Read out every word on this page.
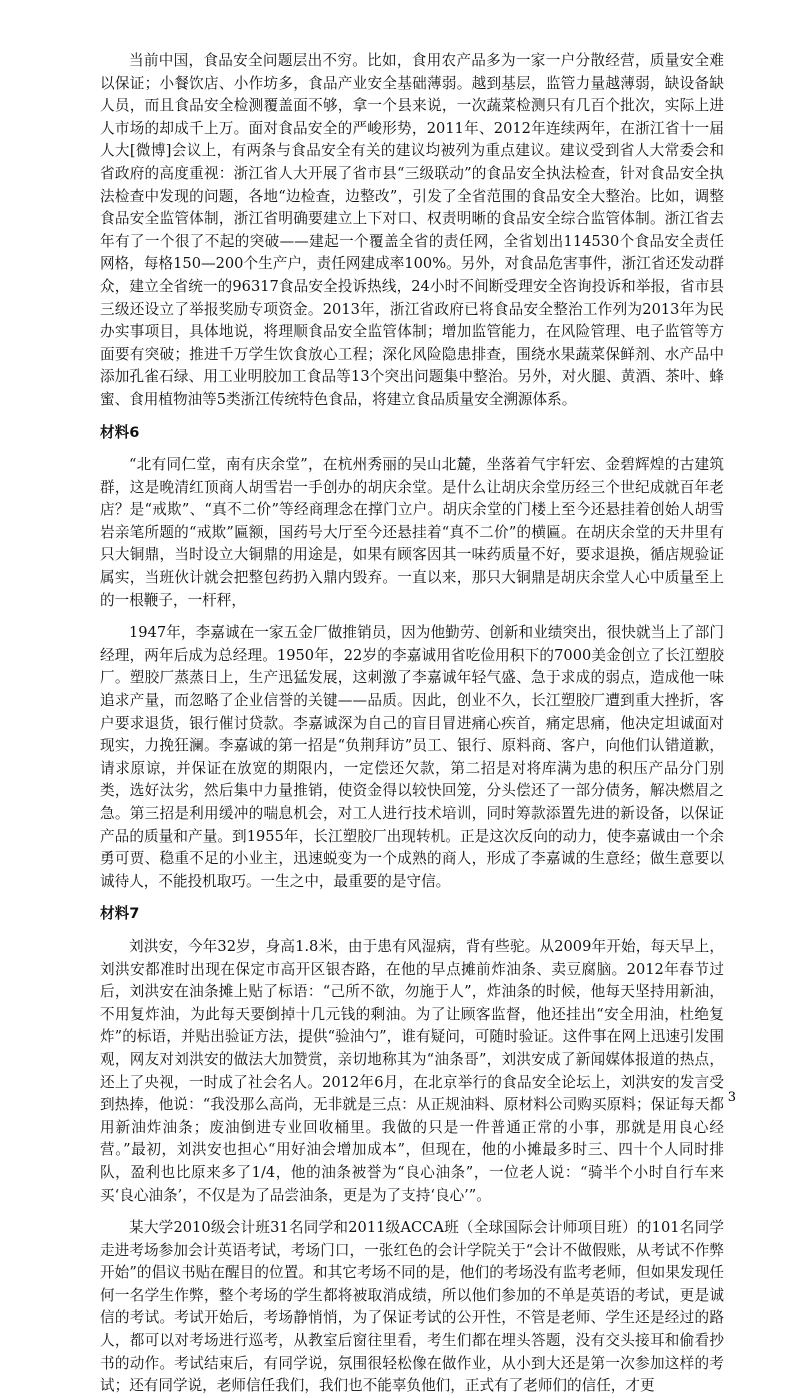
当前中国，食品安全问题层出不穷。比如，食用农产品多为一家一户分散经营，质量安全难以保证；小餐饮店、小作坊多，食品产业安全基础薄弱。越到基层，监管力量越薄弱，缺设备缺人员，而且食品安全检测覆盖面不够，拿一个县来说，一次蔬菜检测只有几百个批次，实际上进人市场的却成千上万。面对食品安全的严峻形势，2011年、2012年连续两年，在浙江省十一届人大[微博]会议上，有两条与食品安全有关的建议均被列为重点建议。建议受到省人大常委会和省政府的高度重视：浙江省人大开展了省市县“三级联动”的食品安全执法检查，针对食品安全执法检查中发现的问题，各地“边检查，边整改”，引发了全省范围的食品安全大整治。比如，调整食品安全监管体制，浙江省明确要建立上下对口、权责明晰的食品安全综合监管体制。浙江省去年有了一个很了不起的突破——建起一个覆盖全省的责任网，全省划出114530个食品安全责任网格，每格150—200个生产户，责任网建成率100%。另外，对食品危害事件，浙江省还发动群众，建立全省统一的96317食品安全投诉热线，24小时不间断受理安全咨询投诉和举报，省市县三级还设立了举报奖励专项资金。2013年，浙江省政府已将食品安全整治工作列为2013年为民办实事项目，具体地说，将理顺食品安全监管体制；增加监管能力，在风险管理、电子监管等方面要有突破；推进千万学生饮食放心工程；深化风险隐患排查，围绕水果蔬菜保鲜剂、水产品中添加孔雀石绿、用工业明胶加工食品等13个突出问题集中整治。另外，对火腿、黄酒、茶叶、蜂蜜、食用植物油等5类浙江传统特色食品，将建立食品质量安全溯源体系。

材料6

“北有同仁堂，南有庆余堂”，在杭州秀丽的吴山北麓，坐落着气宇轩宏、金碧辉煌的古建筑群，这是晚清红顶商人胡雪岩一手创办的胡庆余堂。是什么让胡庆余堂历经三个世纪成就百年老店？是“戒欺”、“真不二价”等经商理念在撑门立户。胡庆余堂的门楼上至今还悬挂着创始人胡雪岩亲笔所题的“戒欺”匾额，国药号大厅至今还悬挂着“真不二价”的横匾。在胡庆余堂的天井里有只大铜鼎，当时设立大铜鼎的用途是，如果有顾客因其一味药质量不好，要求退换，循店规验证属实，当班伙计就会把整包药扔入鼎内毁弃。一直以来，那只大铜鼎是胡庆余堂人心中质量至上的一根鞭子，一杆秤，

1947年，李嘉诚在一家五金厂做推销员，因为他勤劳、创新和业绩突出，很快就当上了部门经理，两年后成为总经理。1950年，22岁的李嘉诚用省吃俭用积下的7000美金创立了长江塑胶厂。塑胶厂蒸蒸日上，生产迅猛发展，这刺激了李嘉诚年轻气盛、急于求成的弱点，造成他一味追求产量，而忽略了企业信誉的关键——品质。因此，创业不久，长江塑胶厂遭到重大挫折，客户要求退货，银行催讨贷款。李嘉诚深为自己的盲目冒进痛心疾首，痛定思痛，他决定坦诚面对现实，力挽狂澜。李嘉诚的第一招是“负荆拜访”员工、银行、原料商、客户，向他们认错道歉，请求原谅，并保证在放宽的期限内，一定偿还欠款，第二招是对将库满为患的积压产品分门别类，选好汰劣，然后集中力量推销，使资金得以较快回笼，分头偿还了一部分债务，解决燃眉之急。第三招是利用缓冲的喘息机会，对工人进行技术培训，同时筹款添置先进的新设备，以保证产品的质量和产量。到1955年，长江塑胶厂出现转机。正是这次反向的动力，使李嘉诚由一个余勇可贾、稳重不足的小业主，迅速蜕变为一个成熟的商人，形成了李嘉诚的生意经；做生意要以诚待人，不能投机取巧。一生之中，最重要的是守信。

材料7

刘洪安，今年32岁，身高1.8米，由于患有风湿病，背有些驼。从2009年开始，每天早上，刘洪安都准时出现在保定市高开区银杏路，在他的早点摊前炸油条、卖豆腐脑。2012年春节过后，刘洪安在油条摊上贴了标语：“己所不欲，勿施于人”，炸油条的时候，他每天坚持用新油，不用复炸油，为此每天要倒掉十几元钱的剩油。为了让顾客监督，他还挂出“安全用油，杜绝复炸”的标语，并贴出验证方法，提供“验油勺”，谁有疑问，可随时验证。这件事在网上迅速引发围观，网友对刘洪安的做法大加赞赏，亲切地称其为“油条哥”，刘洪安成了新闻媒体报道的热点，还上了央视，一时成了社会名人。2012年6月，在北京举行的食品安全论坛上，刘洪安的发言受到热捧，他说：“我没那么高尚，无非就是三点：从正规油料、原材料公司购买原料；保证每天都用新油炸油条；废油倒进专业回收桶里。我做的只是一件普通正常的小事，那就是用良心经营。”最初，刘洪安也担心“用好油会增加成本”，但现在，他的小摊最多时三、四十个人同时排队，盈利也比原来多了1/4，他的油条被誉为“良心油条”，一位老人说：“骑半个小时自行车来买‘良心油条’，不仅是为了品尝油条，更是为了支持‘良心’”。

某大学2010级会计班31名同学和2011级ACCA班（全球国际会计师项目班）的101名同学走进考场参加会计英语考试，考场门口，一张红色的会计学院关于“会计不做假账，从考试不作弊开始”的倡议书贴在醒目的位置。和其它考场不同的是，他们的考场没有监考老师，但如果发现任何一名学生作弊，整个考场的学生都将被取消成绩，所以他们参加的不单是英语的考试，更是诚信的考试。考试开始后，考场静悄悄，为了保证考试的公开性，不管是老师、学生还是经过的路人，都可以对考场进行巡考，从教室后窗往里看，考生们都在埋头答题，没有交头接耳和偷看抄书的动作。考试结束后，有同学说，氛围很轻松像在做作业，从小到大还是第一次参加这样的考试；还有同学说，老师信任我们，我们也不能辜负他们，正式有了老师们的信任，才更

3
